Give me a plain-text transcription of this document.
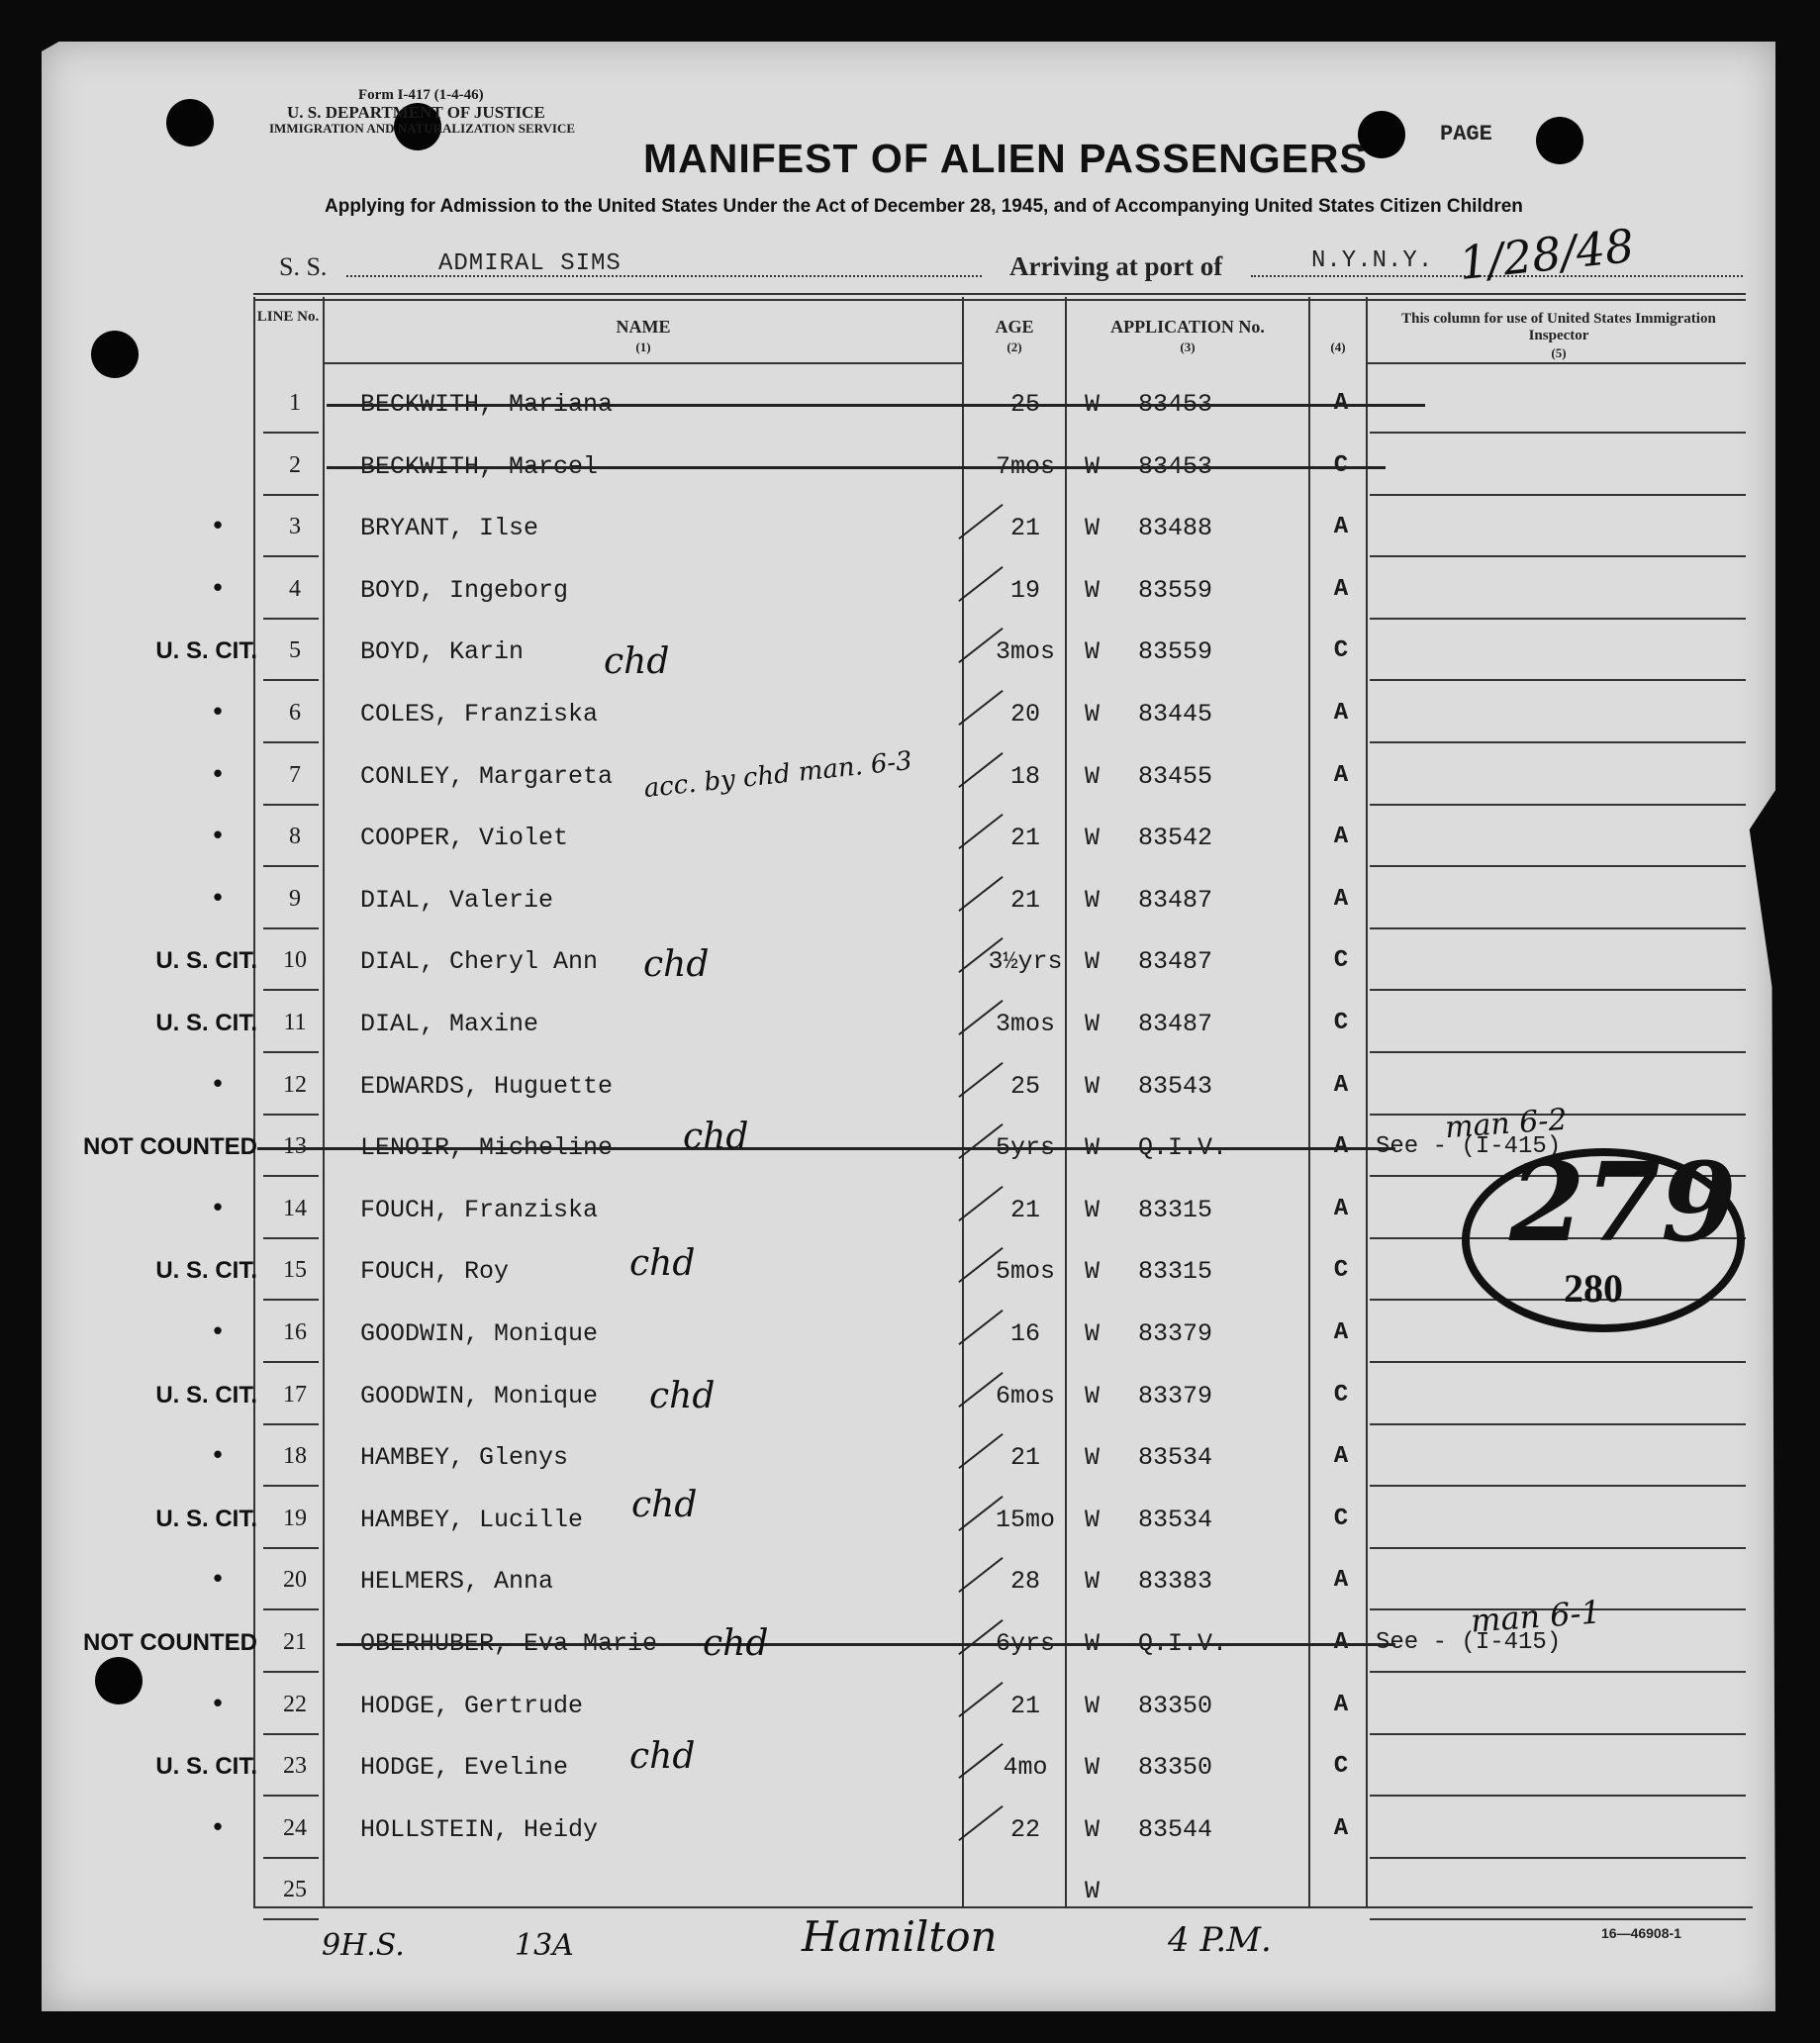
Form I-417 (1-4-46)
U. S. DEPARTMENT OF JUSTICE
IMMIGRATION AND NATURALIZATION SERVICE
MANIFEST OF ALIEN PASSENGERS
Applying for Admission to the United States Under the Act of December 28, 1945, and of Accompanying United States Citizen Children
PAGE
S. S.	ADMIRAL SIMS	Arriving at port of	N.Y.N.Y. 1/28/48
LINE No.	NAME
(1)
AGE
(2)
APPLICATION No.
(3)	(4)
This column for use of United States Immigration Inspector
(5)
1	BECKWITH, Mariana	25	W 83453	A
2	BECKWITH, Marcel	7mos	W 83453	C
3	BRYANT, Ilse	21	W 83488	A
•
4	BOYD, Ingeborg	19	W 83559	A
•
5	BOYD, Karin	3mos	W 83559	C
U. S. CIT.
6	COLES, Franziska	20	W 83445	A
•
7	CONLEY, Margareta	18	W 83455	A
•
8	COOPER, Violet	21	W 83542	A
•
9	DIAL, Valerie	21	W 83487	A
•
10	DIAL, Cheryl Ann	3½yrs W 83487	C
U. S. CIT.
11	DIAL, Maxine	3mos	W 83487	C
U. S. CIT.
12	EDWARDS, Huguette	25	W 83543	A
•
13	LENOIR, Micheline	5yrs	W Q.I.V.	A	See - (I-415)
NOT COUNTED
14	FOUCH, Franziska	21	W 83315	A
•
15	FOUCH, Roy	5mos	W 83315	C
U. S. CIT.
16	GOODWIN, Monique	16	W 83379	A
•
17	GOODWIN, Monique	6mos	W 83379	C
U. S. CIT.
18	HAMBEY, Glenys	21	W 83534	A
•
19	HAMBEY, Lucille	15mo	W 83534	C
U. S. CIT.
20	HELMERS, Anna	28	W 83383	A
•
21	OBERHUBER, Eva Marie	6yrs	W Q.I.V.	A	See - (I-415)
NOT COUNTED
22	HODGE, Gertrude	21	W 83350	A
•
23	HODGE, Eveline	4mo	W 83350	C
U. S. CIT.
24	HOLLSTEIN, Heidy	22	W 83544	A
•
25	W
279
280
chd
acc. by chd man. 6-3
chd
chd	man 6-2
chd
chd
chd
chd
man 6-1
chd
9H.S.	13A	Hamilton	4 P.M.	16—46908-1
